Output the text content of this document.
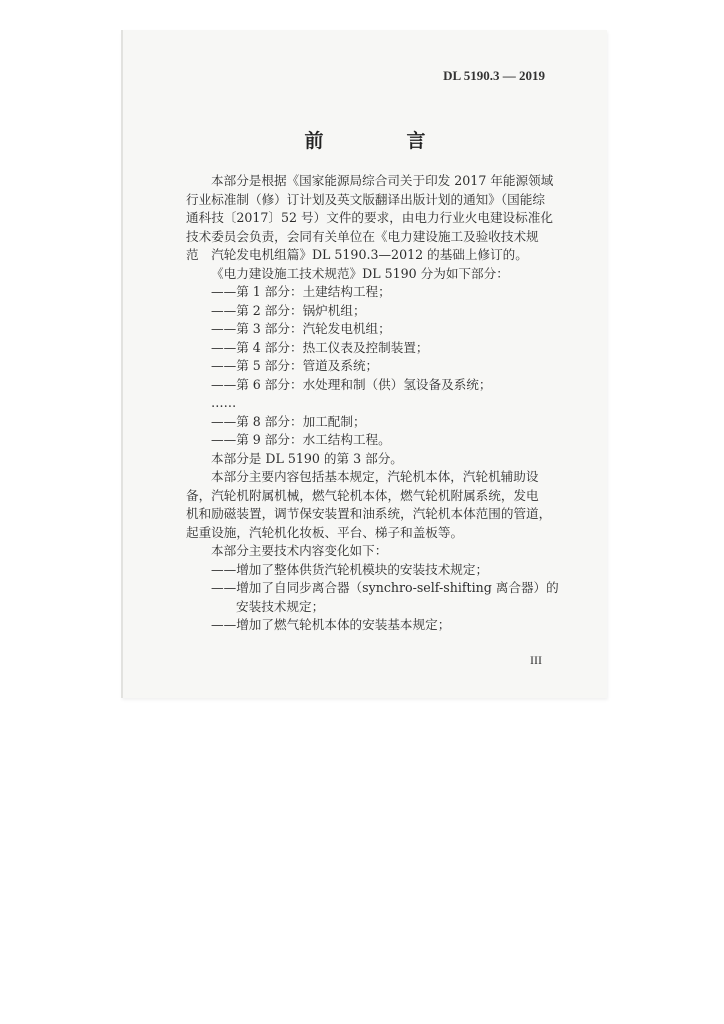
DL 5190.3 — 2019
前　言
本部分是根据《国家能源局综合司关于印发 2017 年能源领域
行业标准制（修）订计划及英文版翻译出版计划的通知》（国能综
通科技〔2017〕52 号）文件的要求，由电力行业火电建设标准化
技术委员会负责，会同有关单位在《电力建设施工及验收技术规
范　汽轮发电机组篇》DL 5190.3—2012 的基础上修订的。
《电力建设施工技术规范》DL 5190 分为如下部分：
——第 1 部分：土建结构工程；
——第 2 部分：锅炉机组；
——第 3 部分：汽轮发电机组；
——第 4 部分：热工仪表及控制装置；
——第 5 部分：管道及系统；
——第 6 部分：水处理和制（供）氢设备及系统；
……
——第 8 部分：加工配制；
——第 9 部分：水工结构工程。
本部分是 DL 5190 的第 3 部分。
本部分主要内容包括基本规定，汽轮机本体，汽轮机辅助设
备，汽轮机附属机械，燃气轮机本体，燃气轮机附属系统，发电
机和励磁装置，调节保安装置和油系统，汽轮机本体范围的管道，
起重设施，汽轮机化妆板、平台、梯子和盖板等。
本部分主要技术内容变化如下：
——增加了整体供货汽轮机模块的安装技术规定；
——增加了自同步离合器（synchro-self-shifting 离合器）的
安装技术规定；
——增加了燃气轮机本体的安装基本规定；
III
